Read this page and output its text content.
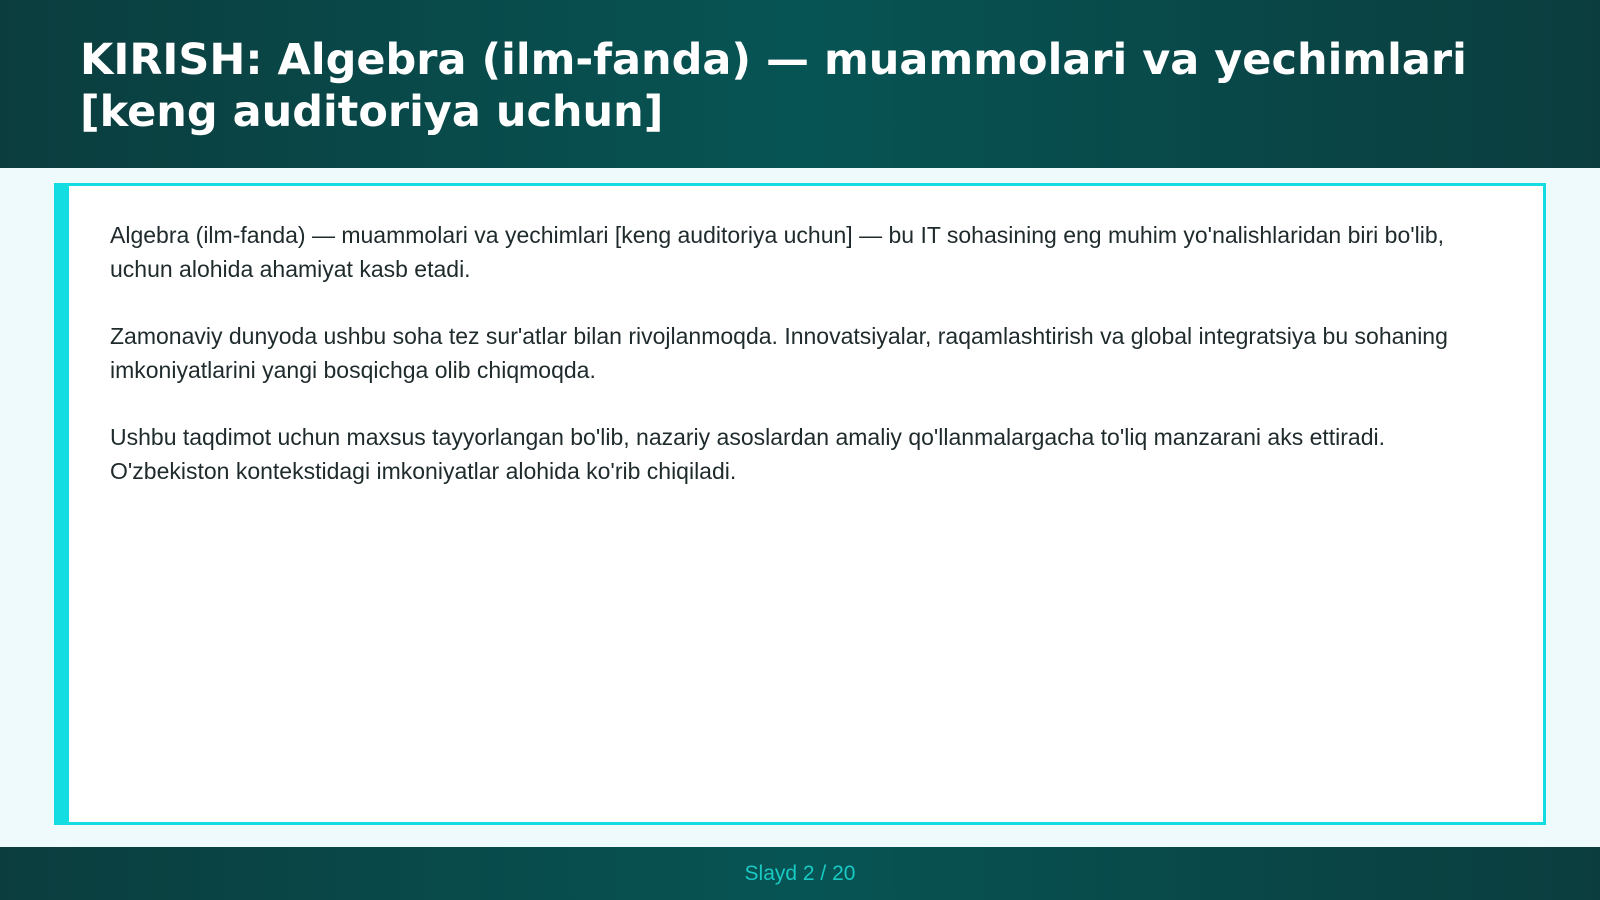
KIRISH: Algebra (ilm-fanda) — muammolari va yechimlari [keng auditoriya uchun]

Algebra (ilm-fanda) — muammolari va yechimlari [keng auditoriya uchun] — bu IT sohasining eng muhim yo'nalishlaridan biri bo'lib, uchun alohida ahamiyat kasb etadi.

Zamonaviy dunyoda ushbu soha tez sur'atlar bilan rivojlanmoqda. Innovatsiyalar, raqamlashtirish va global integratsiya bu sohaning imkoniyatlarini yangi bosqichga olib chiqmoqda.

Ushbu taqdimot uchun maxsus tayyorlangan bo'lib, nazariy asoslardan amaliy qo'llanmalargacha to'liq manzarani aks ettiradi. O'zbekiston kontekstidagi imkoniyatlar alohida ko'rib chiqiladi.

Slayd 2 / 20
